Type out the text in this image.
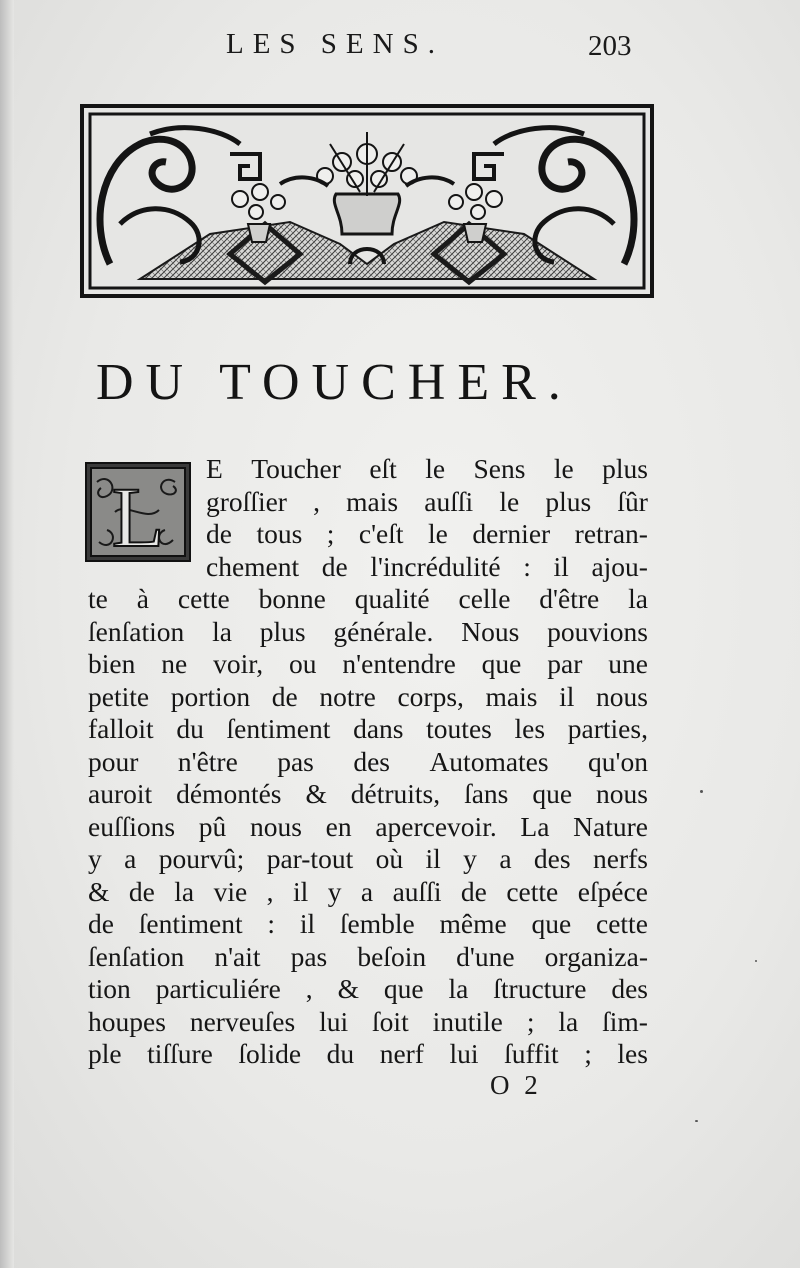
LES SENS.	203
DU TOUCHER.
L
E Toucher eſt le Sens le plus
groſſier , mais auſſi le plus ſûr
de tous ; c'eſt le dernier retran-
chement de l'incrédulité : il ajou-
te à cette bonne qualité celle d'être la
ſenſation la plus générale. Nous pouvions
bien ne voir, ou n'entendre que par une
petite portion de notre corps, mais il nous
falloit du ſentiment dans toutes les parties,
pour n'être pas des Automates qu'on
auroit démontés & détruits, ſans que nous
euſſions pû nous en apercevoir. La Nature
y a pourvû; par-tout où il y a des nerfs
& de la vie , il y a auſſi de cette eſpéce
de ſentiment : il ſemble même que cette
ſenſation n'ait pas beſoin d'une organiza-
tion particuliére , & que la ſtructure des
houpes nerveuſes lui ſoit inutile ; la ſim-
ple tiſſure ſolide du nerf lui ſuffit ; les
O 2
